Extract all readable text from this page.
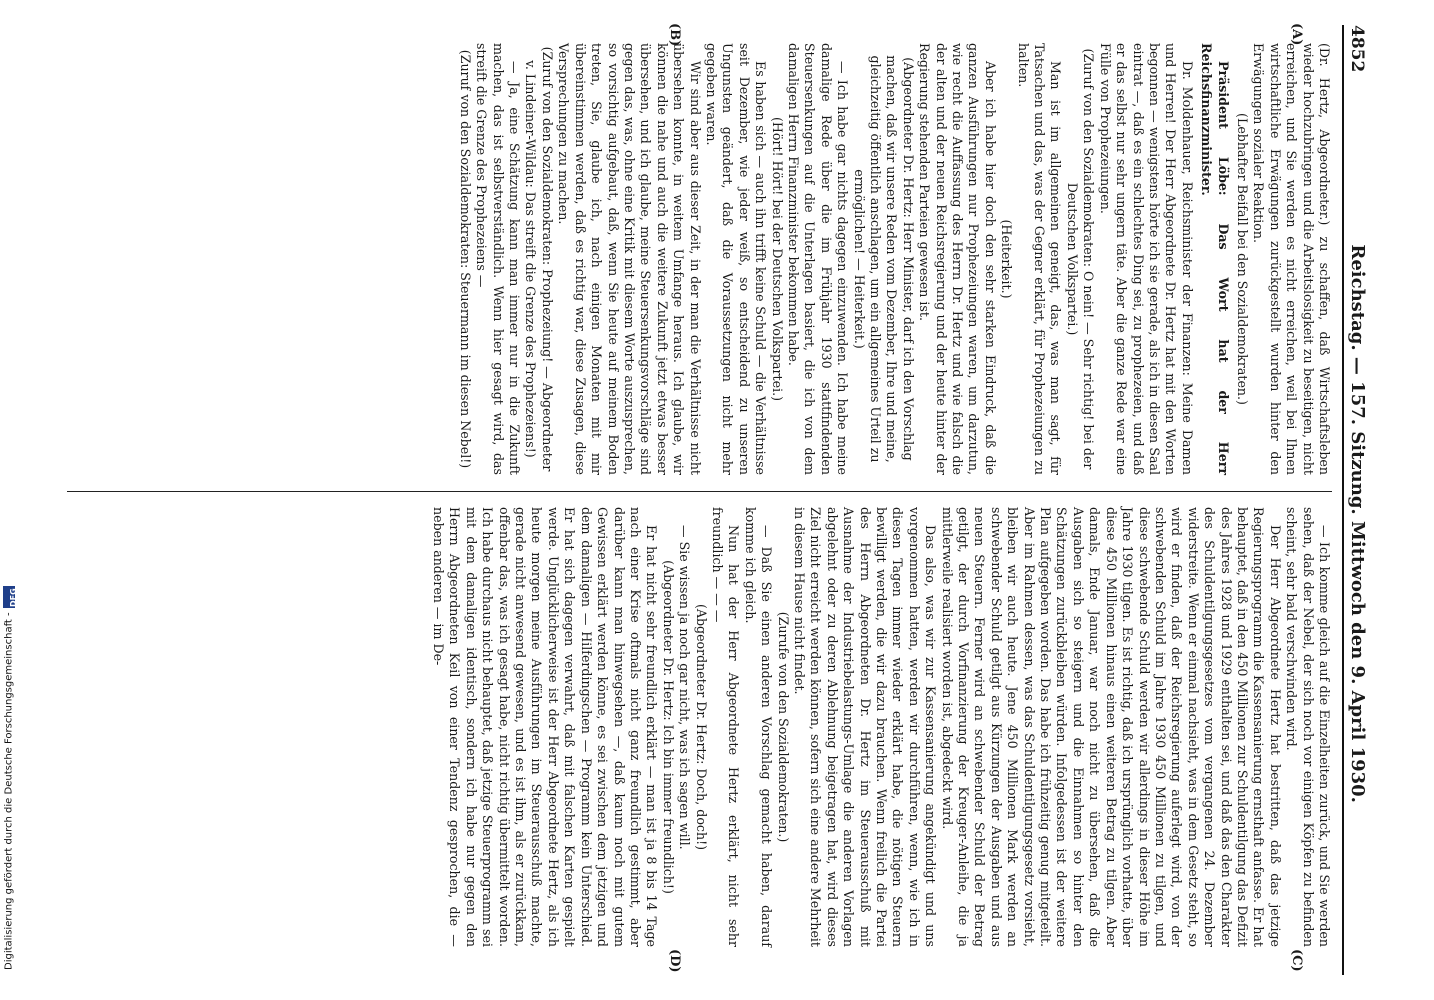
Digitalisierung gefördert durch die Deutsche Forschungsgemeinschaft -
DFG
4852
Reichstag. — 157. Sitzung. Mittwoch den 9. April 1930.
(A)
(B)
(C)
(D)

(Dr. Hertz, Abgeordneter.) zu schaffen, daß Wirtschaftsleben wieder hochzubringen und die Arbeitslosigkeit zu beseitigen, nicht erreichen, und Sie werden es nicht erreichen, weil bei Ihnen wirtschaftliche Erwägungen zurückgestellt wurden hinter den Erwägungen sozialer Reaktion.

(Lebhafter Beifall bei den Sozialdemokraten.)

Präsident Löbe: Das Wort hat der Herr Reichsfinanzminister.

Dr. Moldenhauer, Reichsminister der Finanzen: Meine Damen und Herren! Der Herr Abgeordnete Dr. Hertz hat mit den Worten begonnen — wenigstens hörte ich sie gerade, als ich in diesen Saal eintrat —, daß es ein schlechtes Ding sei, zu prophezeien, und daß er das selbst nur sehr ungern täte. Aber die ganze Rede war eine Fülle von Prophezeiungen.

(Zuruf von den Sozialdemokraten: O nein! — Sehr richtig! bei der Deutschen Volkspartei.)

Man ist im allgemeinen geneigt, das, was man sagt, für Tatsachen und das, was der Gegner erklärt, für Prophezeiungen zu halten.

(Heiterkeit.)

Aber ich habe hier doch den sehr starken Eindruck, daß die ganzen Ausführungen nur Prophezeiungen waren, um darzutun, wie recht die Auffassung des Herrn Dr. Hertz und wie falsch die der alten und der neuen Reichsregierung und der heute hinter der Regierung stehenden Parteien gewesen ist.

(Abgeordneter Dr. Hertz: Herr Minister, darf ich den Vorschlag machen, daß wir unsere Reden vom Dezember, Ihre und meine, gleichzeitig öffentlich anschlagen, um ein allgemeines Urteil zu ermöglichen! — Heiterkeit.)

— Ich habe gar nichts dagegen einzuwenden. Ich habe meine damalige Rede über die im Frühjahr 1930 stattfindenden Steuersenkungen auf die Unterlagen basiert, die ich von dem damaligen Herrn Finanzminister bekommen habe.

(Hört! Hört! bei der Deutschen Volkspartei.)

Es haben sich — auch ihn trifft keine Schuld — die Verhältnisse seit Dezember, wie jeder weiß, so entscheidend zu unseren Ungunsten geändert, daß die Voraussetzungen nicht mehr gegeben waren.

Wir sind aber aus dieser Zeit, in der man die Verhältnisse nicht übersehen konnte, in weitem Umfange heraus. Ich glaube, wir können die nahe und auch die weitere Zukunft jetzt etwas besser übersehen, und ich glaube, meine Steuersenkungsvorschläge sind gegen das, was, ohne eine Kritik mit diesem Worte auszusprechen, so vorsichtig aufgebaut, daß, wenn Sie heute auf meinem Boden treten, Sie, glaube ich, nach einigen Monaten mit mir übereinstimmen werden, daß es richtig war, diese Zusagen, diese Versprechungen zu machen.

(Zuruf von den Sozialdemokraten: Prophezeiung! — Abgeordneter v. Lindeiner-Wildau: Das streift die Grenze des Prophezeiens!)

— Ja, eine Schätzung kann man immer nur in die Zukunft machen, das ist selbstverständlich. Wenn hier gesagt wird, das streift die Grenze des Prophezeiens —

(Zuruf von den Sozialdemokraten: Steuermann im diesen Nebel!)

— Ich komme gleich auf die Einzelheiten zurück, und Sie werden sehen, daß der Nebel, der sich noch vor einigen Köpfen zu befinden scheint, sehr bald verschwinden wird.

Der Herr Abgeordnete Hertz hat bestritten, daß das jetzige Regierungsprogramm die Kassensanierung ernsthaft anfasse. Er hat behauptet, daß in den 450 Millionen zur Schuldentilgung das Defizit des Jahres 1928 und 1929 enthalten sei, und daß das den Charakter des Schuldentilgungsgesetzes vom vergangenen 24. Dezember widerstreite. Wenn er einmal nachsieht, was in dem Gesetz steht, so wird er finden, daß der Reichsregierung auferlegt wird, von der schwebenden Schuld im Jahre 1930 450 Millionen zu tilgen, und diese schwebende Schuld werden wir allerdings in dieser Höhe im Jahre 1930 tilgen. Es ist richtig, daß ich ursprünglich vorhatte, über diese 450 Millionen hinaus einen weiteren Betrag zu tilgen. Aber damals, Ende Januar, war noch nicht zu übersehen, daß die Ausgaben sich so steigern und die Einnahmen so hinter den Schätzungen zurückbleiben würden. Infolgedessen ist der weitere Plan aufgegeben worden. Das habe ich frühzeitig genug mitgeteilt. Aber im Rahmen dessen, was das Schuldentilgungsgesetz vorsieht, bleiben wir auch heute. Jene 450 Millionen Mark werden an schwebender Schuld getilgt aus Kürzungen der Ausgaben und aus neuen Steuern. Ferner wird an schwebender Schuld der Betrag getilgt, der durch Vorfinanzierung der Kreuger-Anleihe, die ja mittlerweile realisiert worden ist, abgedeckt wird.

Das also, was wir zur Kassensanierung angekündigt und uns vorgenommen hatten, werden wir durchführen, wenn, wie ich in diesen Tagen immer wieder erklärt habe, die nötigen Steuern bewilligt werden, die wir dazu brauchen. Wenn freilich die Partei des Herrn Abgeordneten Dr. Hertz im Steuerausschuß mit Ausnahme der Industriebelastungs-Umlage die anderen Vorlagen abgelehnt oder zu deren Ablehnung beigetragen hat, wird dieses Ziel nicht erreicht werden können, sofern sich eine andere Mehrheit in diesem Hause nicht findet.

(Zurufe von den Sozialdemokraten.)

— Daß Sie einen anderen Vorschlag gemacht haben, darauf komme ich gleich.

Nun hat der Herr Abgeordnete Hertz erklärt, nicht sehr freundlich — — —

(Abgeordneter Dr. Hertz: Doch, doch!)

— Sie wissen ja noch gar nicht, was ich sagen will.

(Abgeordneter Dr. Hertz: Ich bin immer freundlich!)

Er hat nicht sehr freundlich erklärt — man ist ja 8 bis 14 Tage nach einer Krise oftmals nicht ganz freundlich gestimmt, aber darüber kann man hinwegsehen —, daß kaum noch mit gutem Gewissen erklärt werden könne, es sei zwischen dem jetzigen und dem damaligen — Hilferdingschen — Programm kein Unterschied. Er hat sich dagegen verwahrt, daß mit falschen Karten gespielt werde. Unglücklicherweise ist der Herr Abgeordnete Hertz, als ich heute morgen meine Ausführungen im Steuerausschuß machte, gerade nicht anwesend gewesen, und es ist ihm, als er zurückkam, offenbar das, was ich gesagt habe, nicht richtig übermittelt worden. Ich habe durchaus nicht behauptet, daß jetzige Steuerprogramm sei mit dem damaligen identisch, sondern ich habe nur gegen den Herrn Abgeordneten Keil von einer Tendenz gesprochen, die — neben anderen — im De-
